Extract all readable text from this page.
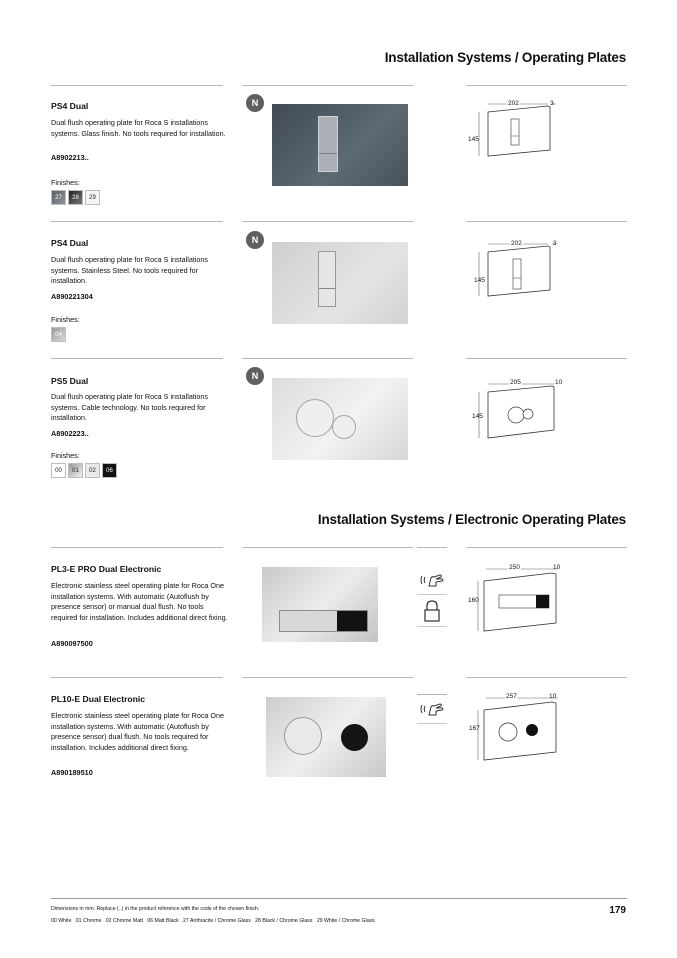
Installation Systems / Operating Plates
PS4 Dual
Dual flush operating plate for Roca S installations systems. Glass finish. No tools required for installation.
A8902213..
Finishes:
27	28	29
N	202	3
145
PS4 Dual
Dual flush operating plate for Roca S installations systems. Stainless Steel. No tools required for installation.
A890221304
Finishes:
04
N	202	3
145
PS5 Dual
Dual flush operating plate for Roca S installations systems. Cable technology. No tools required for installation.
A8902223..
Finishes:
00	01	02	06
N
205	10
145
Installation Systems / Electronic Operating Plates
PL3-E PRO Dual Electronic
Electronic stainless steel operating plate for Roca One installation systems. With automatic (Autoflush by presence sensor) or manual dual flush. No tools required for installation. Includes additional direct fixing.
A890097500
250	10
160
PL10-E Dual Electronic
Electronic stainless steel operating plate for Roca One installation systems. With automatic (Autoflush by presence sensor) dual flush. No tools required for installation. Includes additional direct fixing.
A890189510
257	10
167
Dimensions in mm. Replace (..) in the product reference with the code of the chosen finish.
00 White   01 Chrome   02 Chrome Matt   06 Matt Black   27 Anthracite / Chrome Glass   28 Black / Chrome Glass   29 White / Chrome Glass
179
